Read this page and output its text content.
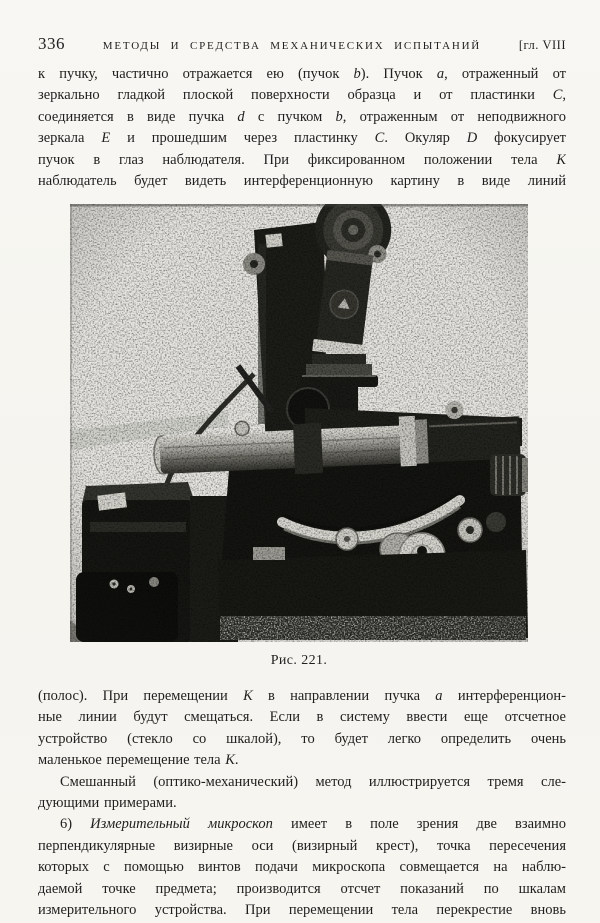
336	МЕТОДЫ И СРЕДСТВА МЕХАНИЧЕСКИХ ИСПЫТАНИЙ	[гл. VIII
к пучку, частично отражается ею (пучок b). Пучок a, отраженный от
зеркально гладкой плоской поверхности образца и от пластинки C,
соединяется в виде пучка d с пучком b, отраженным от неподвижного
зеркала E и прошедшим через пластинку C. Окуляр D фокусирует
пучок в глаз наблюдателя. При фиксированном положении тела K
наблюдатель будет видеть интерференционную картину в виде линий
Рис. 221.
(полос). При перемещении K в направлении пучка a интерференцион-
ные линии будут смещаться. Если в систему ввести еще отсчетное
устройство (стекло со шкалой), то будет легко определить очень
маленькое перемещение тела K.
Смешанный (оптико-механический) метод иллюстрируется тремя сле-
дующими примерами.
6) Измерительный микроскоп имеет в поле зрения две взаимно
перпендикулярные визирные оси (визирный крест), точка пересечения
которых с помощью винтов подачи микроскопа совмещается на наблю-
даемой точке предмета; производится отсчет показаний по шкалам
измерительного устройства. При перемещении тела перекрестие вновь
